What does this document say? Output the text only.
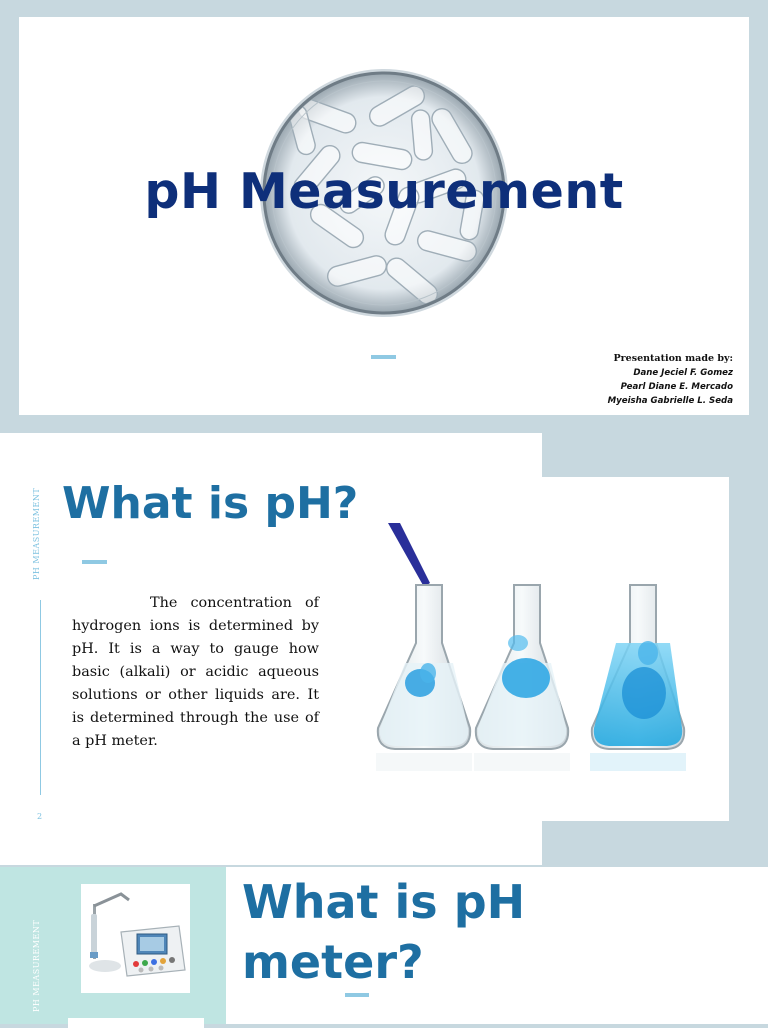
pH Measurement
Presentation made by:
Dane Jeciel F. Gomez
Pearl Diane E. Mercado
Myeisha Gabrielle L. Seda
PH MEASUREMENT
2
What is pH?
The concentration of hydrogen ions is determined by pH. It is a way to gauge how basic (alkali) or acidic aqueous solutions or other liquids are. It is determined through the use of a pH meter.
PH MEASUREMENT
What is pH meter?
